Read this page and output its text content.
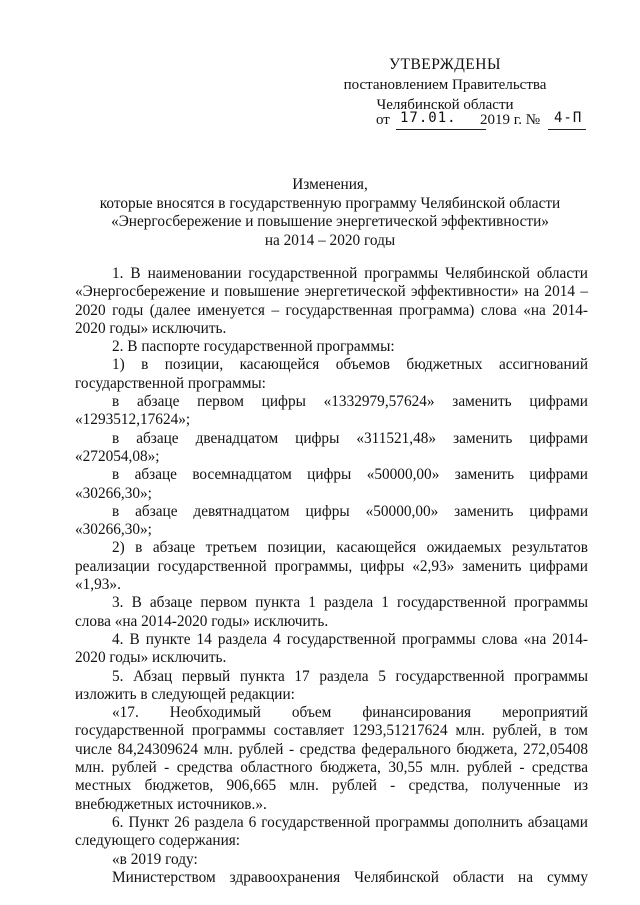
УТВЕРЖДЕНЫ
постановлением Правительства
Челябинской области
от 17.01. 2019 г. № 4-П
Изменения,
которые вносятся в государственную программу Челябинской области
«Энергосбережение и повышение энергетической эффективности»
на 2014 – 2020 годы

1. В наименовании государственной программы Челябинской области «Энергосбережение и повышение энергетической эффективности» на 2014 – 2020 годы (далее именуется – государственная программа) слова «на 2014-2020 годы» исключить.

2. В паспорте государственной программы:

1) в позиции, касающейся объемов бюджетных ассигнований государственной программы:

в абзаце первом цифры «1332979,57624» заменить цифрами «1293512,17624»;

в абзаце двенадцатом цифры «311521,48» заменить цифрами «272054,08»;

в абзаце восемнадцатом цифры «50000,00» заменить цифрами «30266,30»;

в абзаце девятнадцатом цифры «50000,00» заменить цифрами «30266,30»;

2) в абзаце третьем позиции, касающейся ожидаемых результатов реализации государственной программы, цифры «2,93» заменить цифрами «1,93».

3. В абзаце первом пункта 1 раздела 1 государственной программы слова «на 2014-2020 годы» исключить.

4. В пункте 14 раздела 4 государственной программы слова «на 2014-2020 годы» исключить.

5. Абзац первый пункта 17 раздела 5 государственной программы изложить в следующей редакции:

«17. Необходимый объем финансирования мероприятий государственной программы составляет 1293,51217624 млн. рублей, в том числе 84,24309624 млн. рублей - средства федерального бюджета, 272,05408 млн. рублей - средства областного бюджета, 30,55 млн. рублей - средства местных бюджетов, 906,665 млн. рублей - средства, полученные из внебюджетных источников.».

6. Пункт 26 раздела 6 государственной программы дополнить абзацами следующего содержания:

«в 2019 году:

Министерством здравоохранения Челябинской области на сумму
